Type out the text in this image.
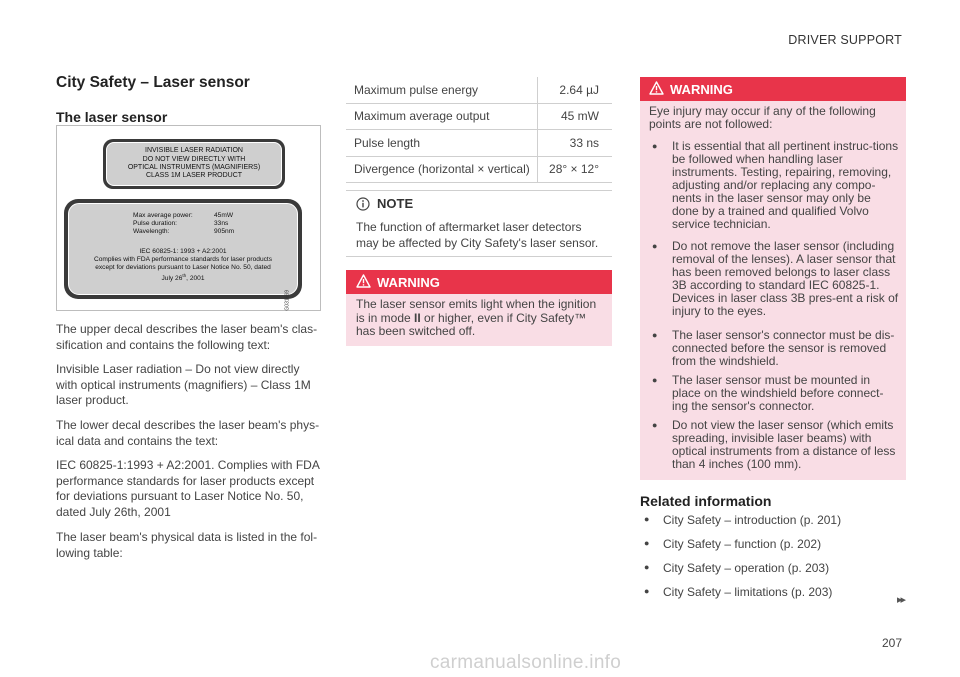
DRIVER SUPPORT
City Safety – Laser sensor
The laser sensor
INVISIBLE LASER RADIATION
DO NOT VIEW DIRECTLY WITH
OPTICAL INSTRUMENTS (MAGNIFIERS)
CLASS 1M LASER PRODUCT
Max average power:	45mW
Pulse duration:	33ns
Wavelength:	905nm
IEC 60825-1: 1993 + A2:2001
Complies with FDA performance standards for laser products
except for deviations pursuant to Laser Notice No. 50, dated
July 26th, 2001
G031669
The upper decal describes the laser beam's clas-sification and contains the following text:
Invisible Laser radiation – Do not view directly with optical instruments (magnifiers) – Class 1M laser product.
The lower decal describes the laser beam's phys-ical data and contains the text:
IEC 60825-1:1993 + A2:2001. Complies with FDA performance standards for laser products except for deviations pursuant to Laser Notice No. 50, dated July 26th, 2001
The laser beam's physical data is listed in the fol-lowing table:
Maximum pulse energy	2.64 µJ
Maximum average output	45 mW
Pulse length	33 ns
Divergence (horizontal × vertical)	28° × 12°
NOTE
The function of aftermarket laser detectors may be affected by City Safety's laser sensor.
WARNING
The laser sensor emits light when the ignition is in mode II or higher, even if City Safety™ has been switched off.
WARNING
Eye injury may occur if any of the following points are not followed:
● It is essential that all pertinent instruc-tions be followed when handling laser instruments. Testing, repairing, removing, adjusting and/or replacing any compo-nents in the laser sensor may only be done by a trained and qualified Volvo service technician.
● Do not remove the laser sensor (including removal of the lenses). A laser sensor that has been removed belongs to laser class 3B according to standard IEC 60825-1. Devices in laser class 3B pres-ent a risk of injury to the eyes.
● The laser sensor's connector must be dis-connected before the sensor is removed from the windshield.
● The laser sensor must be mounted in place on the windshield before connect-ing the sensor's connector.
● Do not view the laser sensor (which emits spreading, invisible laser beams) with optical instruments from a distance of less than 4 inches (100 mm).
Related information
● City Safety – introduction (p. 201)
● City Safety – function (p. 202)
● City Safety – operation (p. 203)
● City Safety – limitations (p. 203)
▸▸
207
carmanualsonline.info
